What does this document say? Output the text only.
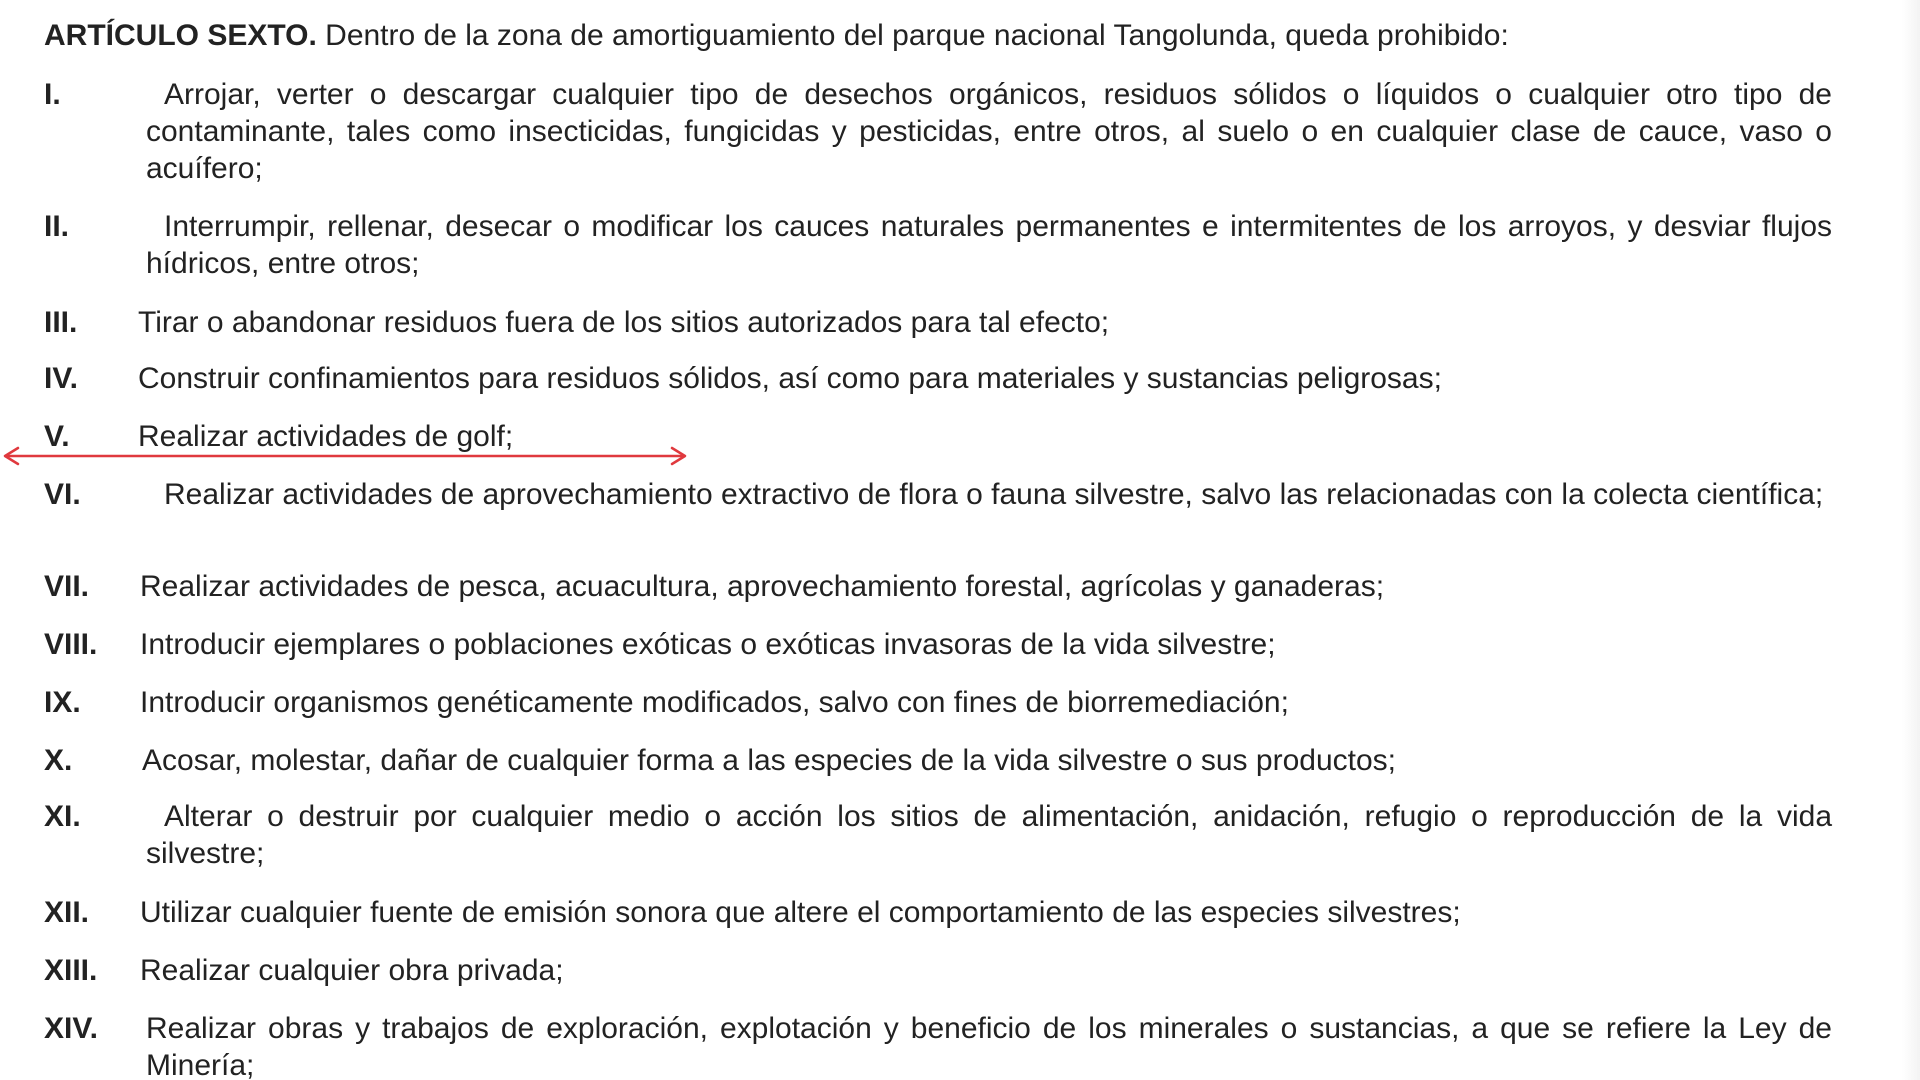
ARTÍCULO SEXTO. Dentro de la zona de amortiguamiento del parque nacional Tangolunda, queda prohibido:
I.	Arrojar, verter o descargar cualquier tipo de desechos orgánicos, residuos sólidos o líquidos o cualquier otro tipo de contaminante, tales como insecticidas, fungicidas y pesticidas, entre otros, al suelo o en cualquier clase de cauce, vaso o acuífero;
II.	Interrumpir, rellenar, desecar o modificar los cauces naturales permanentes e intermitentes de los arroyos, y desviar flujos hídricos, entre otros;
III. Tirar o abandonar residuos fuera de los sitios autorizados para tal efecto;
IV. Construir confinamientos para residuos sólidos, así como para materiales y sustancias peligrosas;
V. Realizar actividades de golf;
VI.	Realizar actividades de aprovechamiento extractivo de flora o fauna silvestre, salvo las relacionadas con la colecta científica;
VII. Realizar actividades de pesca, acuacultura, aprovechamiento forestal, agrícolas y ganaderas;
VIII. Introducir ejemplares o poblaciones exóticas o exóticas invasoras de la vida silvestre;
IX. Introducir organismos genéticamente modificados, salvo con fines de biorremediación;
X. Acosar, molestar, dañar de cualquier forma a las especies de la vida silvestre o sus productos;
XI.	Alterar o destruir por cualquier medio o acción los sitios de alimentación, anidación, refugio o reproducción de la vida silvestre;
XII. Utilizar cualquier fuente de emisión sonora que altere el comportamiento de las especies silvestres;
XIII. Realizar cualquier obra privada;
XIV. Realizar obras y trabajos de exploración, explotación y beneficio de los minerales o sustancias, a que se refiere la Ley de Minería;
